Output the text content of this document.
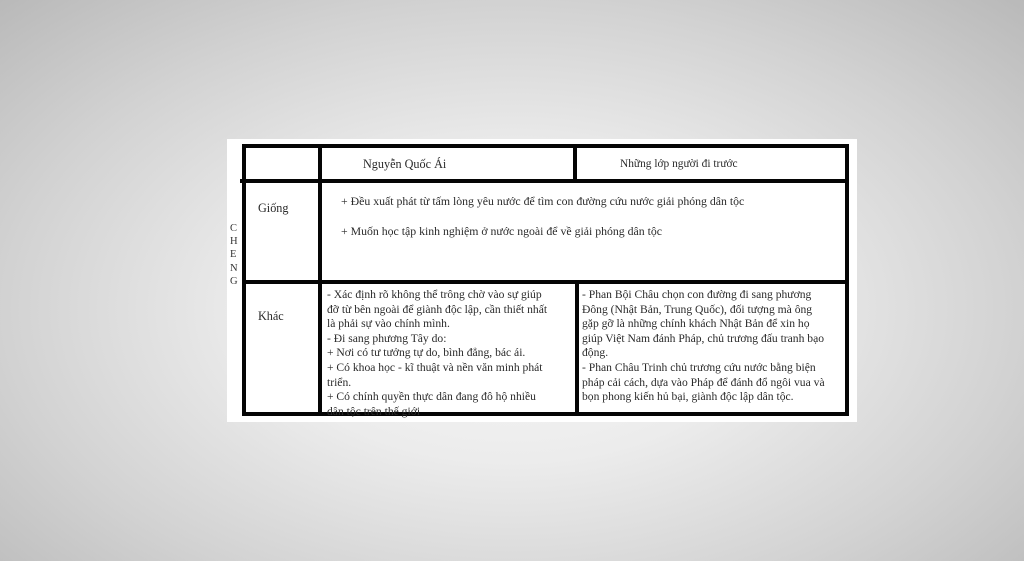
Nguyễn Quốc Ái	Những lớp người đi trước
Giống	+ Đều xuất phát từ tấm lòng yêu nước để tìm con đường cứu nước giải phóng dân tộc
+ Muốn học tập kinh nghiệm ở nước ngoài để về giải phóng dân tộc
Khác
- Xác định rõ không thể trông chờ vào sự giúp
đỡ từ bên ngoài để giành độc lập, cần thiết nhất
là phải sự vào chính mình.
- Đi sang phương Tây do:
+ Nơi có tư tưởng tự do, bình đẳng, bác ái.
+ Có khoa học - kĩ thuật và nền văn minh phát
triển.
+ Có chính quyền thực dân đang đô hộ nhiều
dân tộc trên thế giới
- Phan Bội Châu chọn con đường đi sang phương
Đông (Nhật Bản, Trung Quốc), đối tượng mà ông
gặp gỡ là những chính khách Nhật Bản để xin họ
giúp Việt Nam đánh Pháp, chủ trương đấu tranh bạo
động.
- Phan Châu Trinh chủ trương cứu nước bằng biện
pháp cải cách, dựa vào Pháp để đánh đổ ngôi vua và
bọn phong kiến hủ bại, giành độc lập dân tộc.
C
H
E
N
G
